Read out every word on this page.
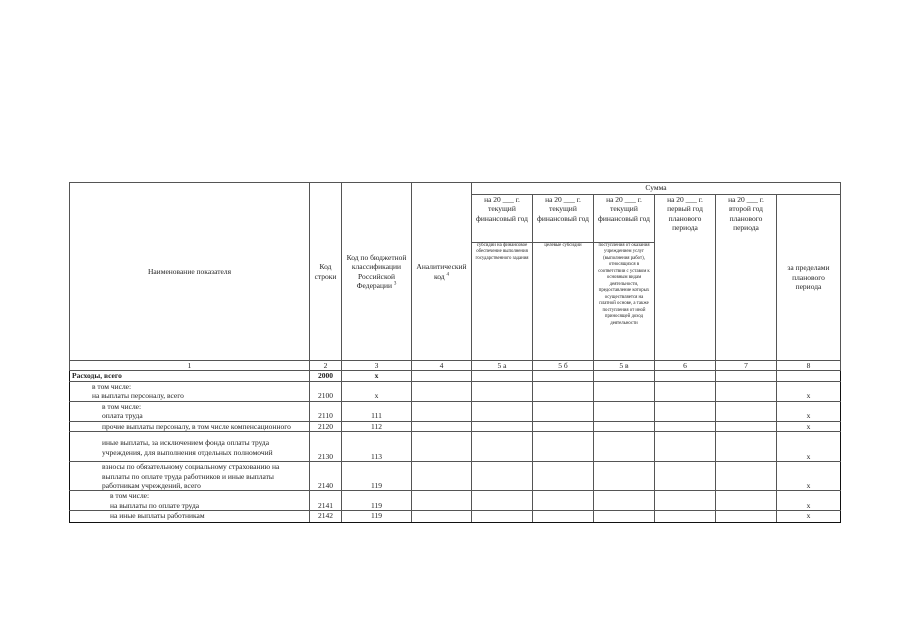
Наименование показателя	Код строки	Код по бюджетной классификации Российской Федерации $^3$	Аналитический код $^4$	Сумма					
				на 20 ___ г. текущий финансовый год	на 20 ___ г. текущий финансовый год	на 20 ___ г. текущий финансовый год	на 20 ___ г. первый год планового периода	на 20 ___ г. второй год планового периода	за пределами планового периода
				субсидии на финансовое обеспечение выполнения государственного задания	целевые субсидии	поступления от оказания учреждением услуг (выполнения работ), относящихся в соответствии с уставом к основным видам деятельности, предоставление которых осуществляется на платной основе, а также поступления от иной приносящей доход деятельности			
1	2	3	4	5 а	5 б	5 в	6	7	8
Расходы, всего	2000	x							

в том числе:
на выплаты персоналу, всего	2100	x							x

в том числе:
оплата труда	2110	111							x

прочие выплаты персоналу, в том числе компенсационного	2120	112							x

иные выплаты, за исключением фонда оплаты труда
учреждения, для выполнения отдельных полномочий	2130	113							x

взносы по обязательному социальному страхованию на
выплаты по оплате труда работников и иные выплаты
работникам учреждений, всего	2140	119							x

в том числе:
на выплаты по оплате труда	2141	119							x

на иные выплаты работникам	2142	119							x
